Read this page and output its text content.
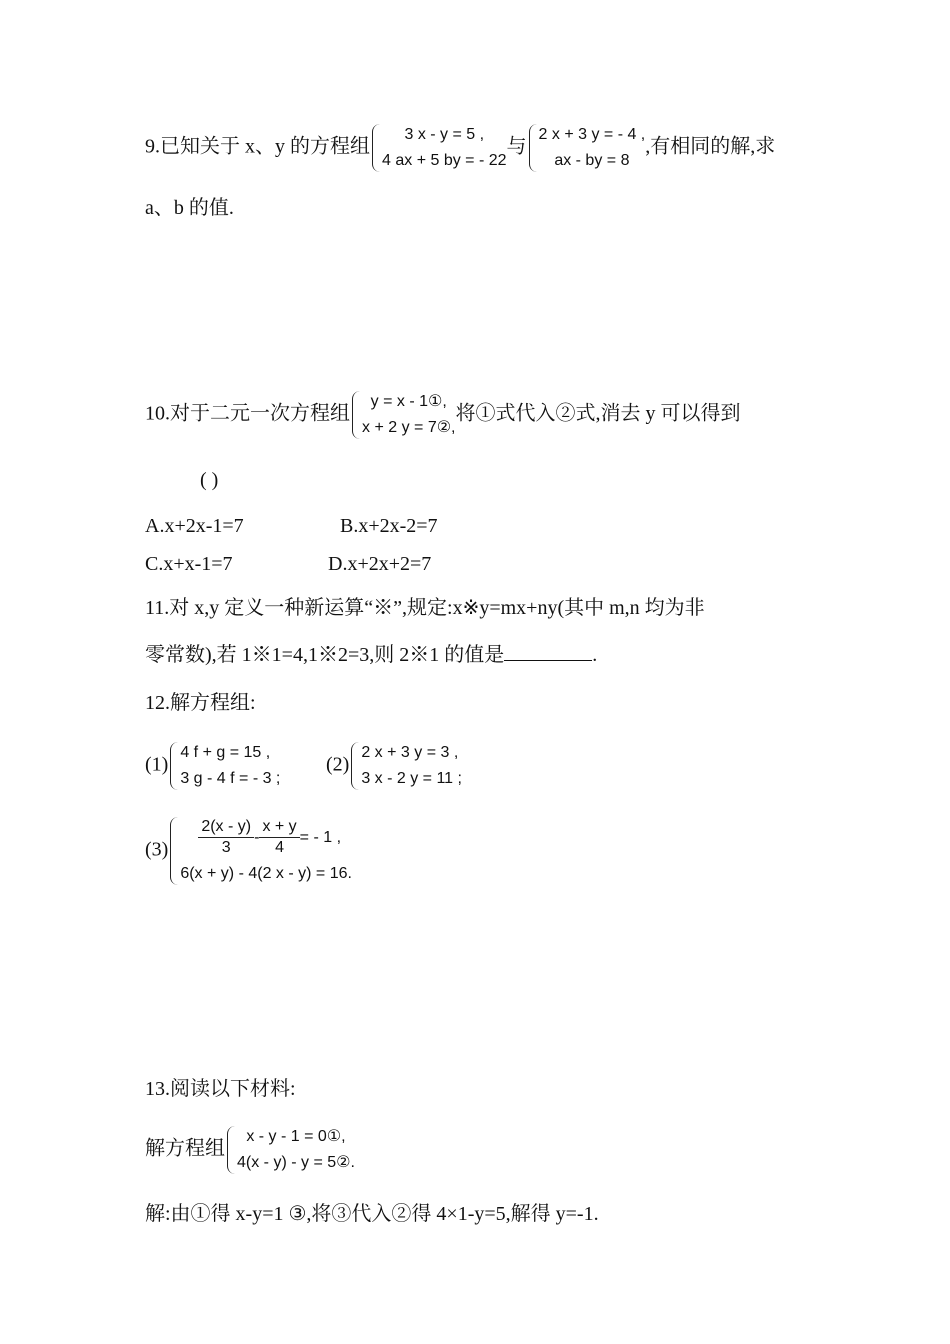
9.已知关于 x、y 的方程组
3 x - y = 5 ,
4 ax + 5 by = - 22
与
2 x + 3 y = - 4 ,
ax - by = 8
,有相同的解,求
a、b 的值.
10.对于二元一次方程组
y = x - 1①,
x + 2 y = 7②,
将①式代入②式,消去 y 可以得到
( )
A.x+2x-1=7	B.x+2x-2=7
C.x+x-1=7	D.x+2x+2=7
11.对 x,y 定义一种新运算“※”,规定:x※y=mx+ny(其中 m,n 均为非
零常数),若 1※1=4,1※2=3,则 2※1 的值是	.
12.解方程组:
(1)
4 f + g = 15 ,
3 g - 4 f = - 3 ;
(2)
2 x + 3 y = 3 ,
3 x - 2 y = 11 ;
$(3) \frac{2(x - y)}{3} - \frac{x + y}{4}$ = - 1 ,
6(x + y) - 4(2 x - y) = 16.
13.阅读以下材料:
解方程组
x - y - 1 = 0①,
4(x - y) - y = 5②.
解:由①得 x-y=1 ③,将③代入②得 4×1-y=5,解得 y=-1.
